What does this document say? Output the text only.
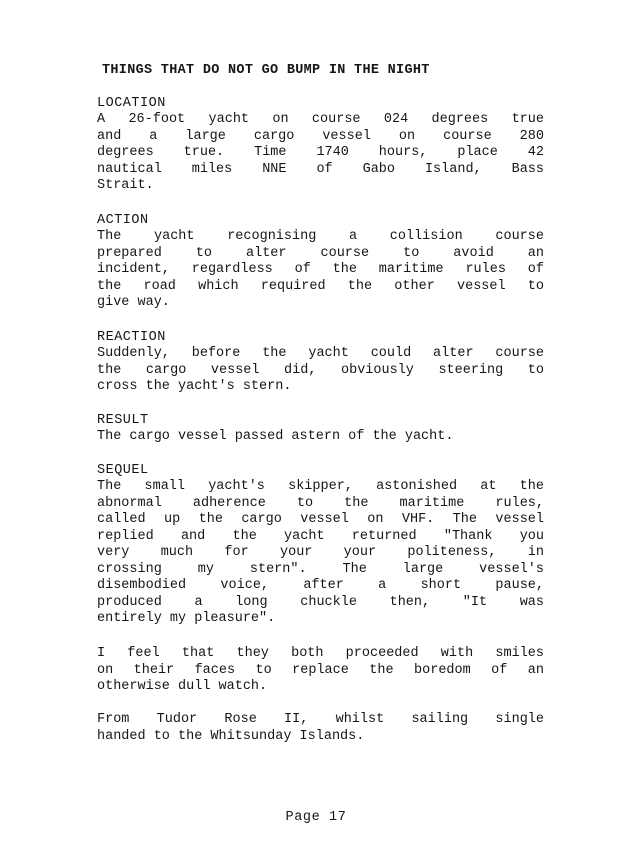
THINGS THAT DO NOT GO BUMP IN THE NIGHT
LOCATION
A 26-foot yacht on course 024 degrees true
and a large cargo vessel on course 280
degrees true. Time 1740 hours, place 42
nautical miles NNE of Gabo Island, Bass
Strait.
ACTION
The yacht recognising a collision course
prepared to alter course to avoid an
incident, regardless of the maritime rules of
the road which required the other vessel to
give way.
REACTION
Suddenly, before the yacht could alter course
the cargo vessel did, obviously steering to
cross the yacht's stern.
RESULT
The cargo vessel passed astern of the yacht.
SEQUEL
The small yacht's skipper, astonished at the
abnormal adherence to the maritime rules,
called up the cargo vessel on VHF. The vessel
replied and the yacht returned "Thank you
very much for your your politeness, in
crossing my stern". The large vessel's
disembodied voice, after a short pause,
produced a long chuckle then, "It was
entirely my pleasure".
I feel that they both proceeded with smiles
on their faces to replace the boredom of an
otherwise dull watch.
From Tudor Rose II, whilst sailing single
handed to the Whitsunday Islands.
Page 17
